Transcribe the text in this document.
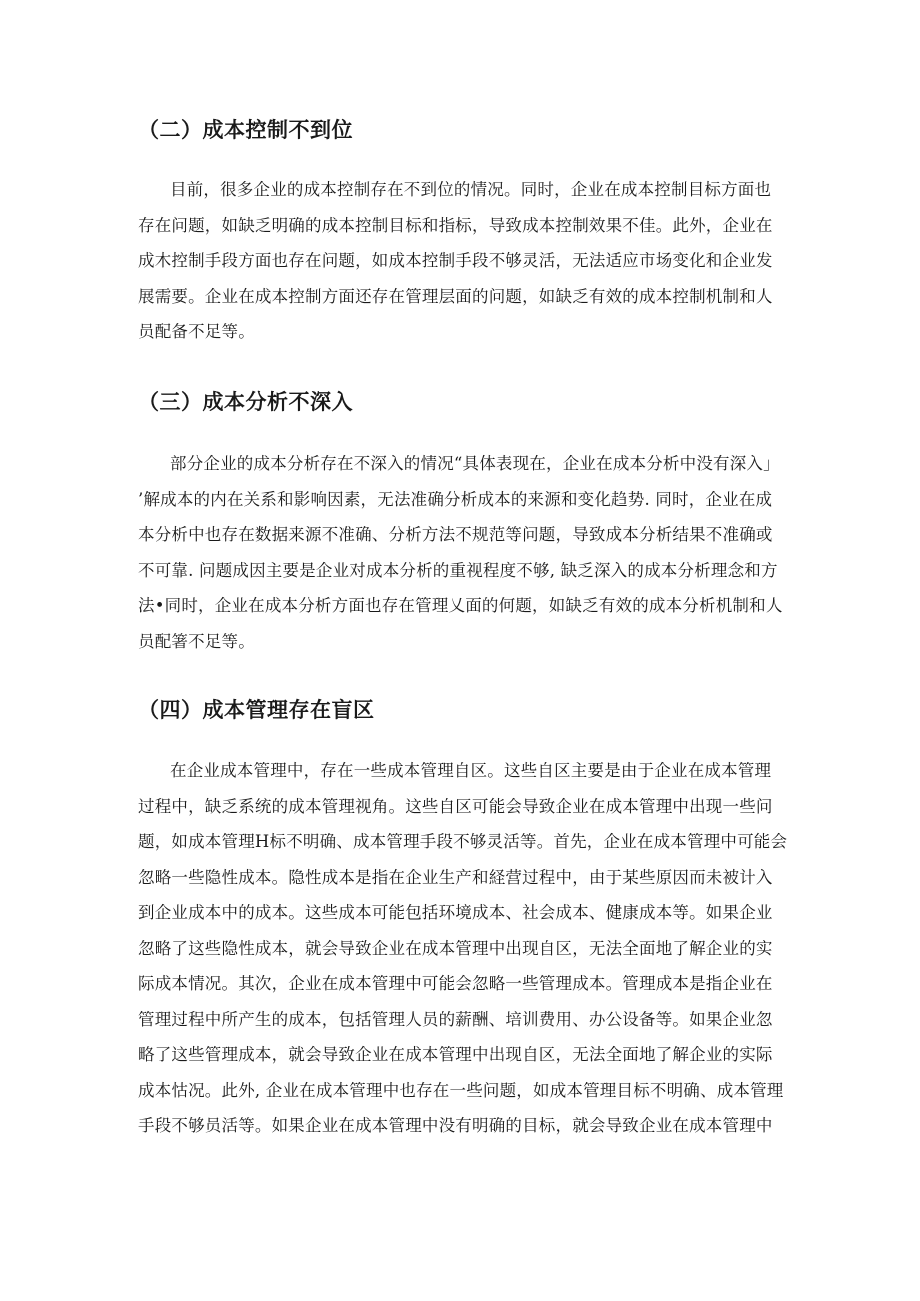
（二）成本控制不到位
目前，很多企业的成本控制存在不到位的情况。同时，企业在成本控制目标方面也
存在问题，如缺乏明确的成本控制目标和指标，导致成本控制效果不佳。此外，企业在
成木控制手段方面也存在问题，如成本控制手段不够灵活，无法适应市场变化和企业发
展需要。企业在成本控制方面还存在管理层面的问题，如缺乏有效的成本控制机制和人
员配备不足等。
（三）成本分析不深入
部分企业的成本分析存在不深入的情况“具体表现在，企业在成本分析中没有深入」
’解成本的内在关系和影响因素，无法准确分析成本的来源和变化趋势. 同时，企业在成
本分析中也存在数据来源不准确、分析方法不规范等问题，导致成本分析结果不准确或
不可靠. 问题成因主要是企业对成本分析的重视程度不够, 缺乏深入的成本分析理念和方
法•同时，企业在成本分析方面也存在管理乂面的何题，如缺乏有效的成本分析机制和人
员配箸不足等。
（四）成本管理存在盲区
在企业成本管理中，存在一些成本管理自区。这些自区主要是由于企业在成本管理
过程中，缺乏系统的成本管理视角。这些自区可能会导致企业在成本管理中出现一些问
题，如成本管理H标不明确、成本管理手段不够灵活等。首先，企业在成本管理中可能会
忽略一些隐性成本。隐性成本是指在企业生产和経营过程中，由于某些原因而未被计入
到企业成本中的成本。这些成本可能包括环境成本、社会成本、健康成本等。如果企业
忽略了这些隐性成本，就会导致企业在成本管理中出现自区，无法全面地了解企业的实
际成本情况。其次，企业在成本管理中可能会忽略一些管理成本。管理成本是指企业在
管理过程中所产生的成本，包括管理人员的薪酬、培训费用、办公设备等。如果企业忽
略了这些管理成本，就会导致企业在成本管理中出现自区，无法全面地了解企业的实际
成本怙况。此外, 企业在成本管理中也存在一些问题，如成本管理目标不明确、成本管理
手段不够员活等。如果企业在成本管理中没有明确的目标，就会导致企业在成本管理中
